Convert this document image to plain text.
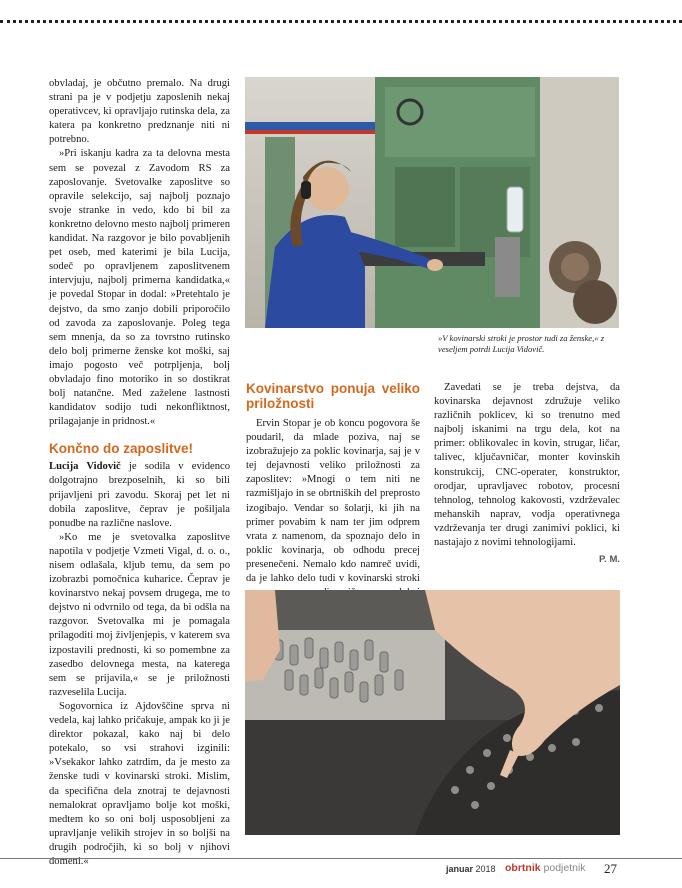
obvladaj, je občutno premalo. Na drugi strani pa je v podjetju zaposlenih nekaj operativcev, ki opravljajo rutinska dela, za katera pa konkretno predznanje niti ni potrebno.

»Pri iskanju kadra za ta delovna mesta sem se povezal z Zavodom RS za zaposlovanje. Svetovalke zaposlitve so opravile selekcijo, saj najbolj poznajo svoje stranke in vedo, kdo bi bil za konkretno delovno mesto najbolj primeren kandidat. Na razgovor je bilo povabljenih pet oseb, med katerimi je bila Lucija, sodeč po opravljenem zaposlitvenem intervjuju, najbolj primerna kandidatka,« je povedal Stopar in dodal: »Pretehtalo je dejstvo, da smo zanjo dobili priporočilo od zavoda za zaposlovanje. Poleg tega sem mnenja, da so za tovrstno rutinsko delo bolj primerne ženske kot moški, saj imajo pogosto več potrpljenja, bolj obvladajo fino motoriko in so dostikrat bolj natančne. Med zaželene lastnosti kandidatov sodijo tudi nekonfliktnost, prilagajanje in pridnost.«

Končno do zaposlitve!

Lucija Vidovič je sodila v evidenco dolgotrajno brezposelnih, ki so bili prijavljeni pri zavodu. Skoraj pet let ni dobila zaposlitve, čeprav je pošiljala ponudbe na različne naslove.

»Ko me je svetovalka zaposlitve napotila v podjetje Vzmeti Vigal, d. o. o., nisem odlašala, kljub temu, da sem po izobrazbi pomočnica kuharice. Čeprav je kovinarstvo nekaj povsem drugega, me to dejstvo ni odvrnilo od tega, da bi odšla na razgovor. Svetovalka mi je pomagala prilagoditi moj življenjepis, v katerem sva izpostavili prednosti, ki so pomembne za zasedbo delovnega mesta, na katerega sem se prijavila,« se je priložnosti razveselila Lucija.

Sogovornica iz Ajdovščine sprva ni vedela, kaj lahko pričakuje, ampak ko ji je direktor pokazal, kako naj bi delo potekalo, so vsi strahovi izginili: »Vsekakor lahko zatrdim, da je mesto za ženske tudi v kovinarski stroki. Mislim, da specifična dela znotraj te dejavnosti nemalokrat opravljamo bolje kot moški, medtem ko so oni bolj usposobljeni za upravljanje velikih strojev in so boljši na drugih področjih, ki so bolj v njihovi domeni.«

»V kovinarski stroki je prostor tudi za ženske,« z veseljem potrdi Lucija Vidovič.
Kovinarstvo ponuja veliko priložnosti

Ervin Stopar je ob koncu pogovora še poudaril, da mlade poziva, naj se izobražujejo za poklic kovinarja, saj je v tej dejavnosti veliko priložnosti za zaposlitev: »Mnogi o tem niti ne razmišljajo in se obrtniških del preprosto izogibajo. Vendar so šolarji, ki jih na primer povabim k nam ter jim odprem vrata z namenom, da spoznajo delo in poklic kovinarja, ob odhodu precej presenečeni. Nemalo kdo namreč uvidi, da je lahko delo tudi v kovinarski stroki

Zavedati se je treba dejstva, da kovinarska dejavnost združuje veliko različnih poklicev, ki so trenutno med najbolj iskanimi na trgu dela, kot na primer: oblikovalec in kovin, strugar, ličar, talivec, ključavničar, monter kovinskih konstrukcij, CNC-operater, konstruktor, orodjar, upravljavec robotov, procesni tehnolog, tehnolog kakovosti, vzdrževalec mehanskih naprav, vodja operativnega vzdrževanja ter drugi zanimivi poklici, ki nastajajo z novimi tehnologijami.

P. M.
januar 2018 obrtnik podjetnik 27
